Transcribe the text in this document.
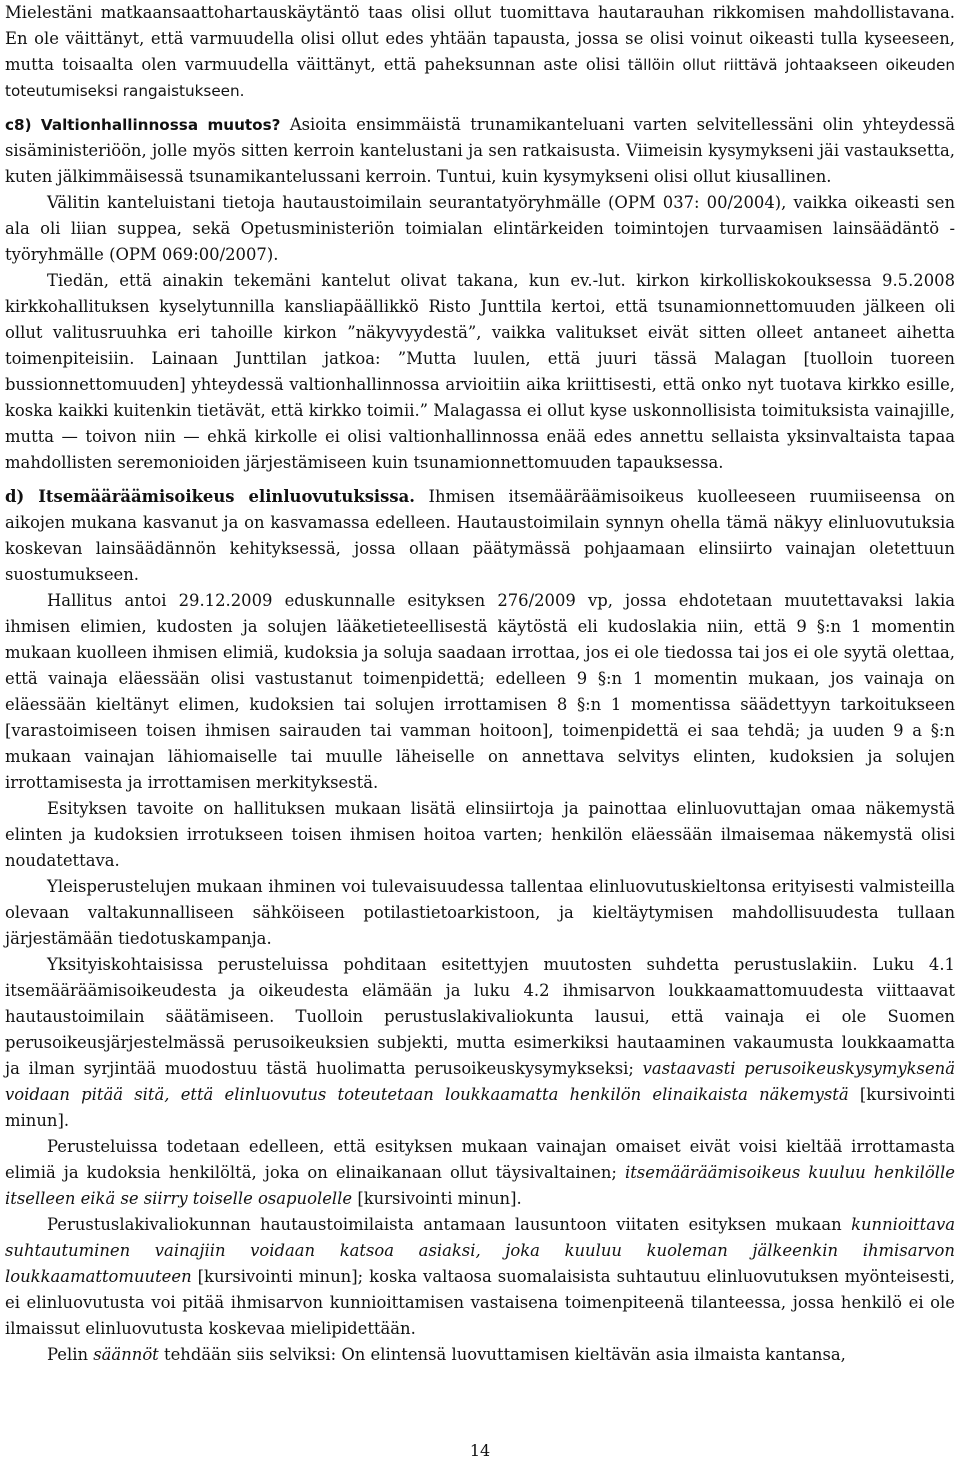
Mielestäni matkaansaattohartauskäytäntö taas olisi ollut tuomittava hautarauhan rikkomisen mahdollistavana. En ole väittänyt, että varmuudella olisi ollut edes yhtään tapausta, jossa se olisi voinut oikeasti tulla kyseeseen, mutta toisaalta olen varmuudella väittänyt, että paheksunnan aste olisi tällöin ollut riittävä johtaakseen oikeuden toteutumiseksi rangaistukseen.

c8) Valtionhallinnossa muutos? Asioita ensimmäistä trunamikanteluani varten selvitellessäni olin yhteydessä sisäministeriöön, jolle myös sitten kerroin kantelustani ja sen ratkaisusta. Viimeisin kysymykseni jäi vastauksetta, kuten jälkimmäisessä tsunamikantelussani kerroin. Tuntui, kuin kysymykseni olisi ollut kiusallinen.

Välitin kanteluistani tietoja hautaustoimilain seurantatyöryhmälle (OPM 037: 00/2004), vaikka oikeasti sen ala oli liian suppea, sekä Opetusministeriön toimialan elintärkeiden toimintojen turvaamisen lainsäädäntö -työryhmälle (OPM 069:00/2007).

Tiedän, että ainakin tekemäni kantelut olivat takana, kun ev.-lut. kirkon kirkolliskokouksessa 9.5.2008 kirkkohallituksen kyselytunnilla kansliapäällikkö Risto Junttila kertoi, että tsunamionnettomuuden jälkeen oli ollut valitusruuhka eri tahoille kirkon ”näkyvyydestä”, vaikka valitukset eivät sitten olleet antaneet aihetta toimenpiteisiin. Lainaan Junttilan jatkoa: ”Mutta luulen, että juuri tässä Malagan [tuolloin tuoreen bussionnettomuuden] yhteydessä valtionhallinnossa arvioitiin aika kriittisesti, että onko nyt tuotava kirkko esille, koska kaikki kuitenkin tietävät, että kirkko toimii.” Malagassa ei ollut kyse uskonnollisista toimituksista vainajille, mutta — toivon niin — ehkä kirkolle ei olisi valtionhallinnossa enää edes annettu sellaista yksinvaltaista tapaa mahdollisten seremonioiden järjestämiseen kuin tsunamionnettomuuden tapauksessa.

d) Itsemääräämisoikeus elinluovutuksissa. Ihmisen itsemääräämisoikeus kuolleeseen ruumiiseensa on aikojen mukana kasvanut ja on kasvamassa edelleen. Hautaustoimilain synnyn ohella tämä näkyy elinluovutuksia koskevan lainsäädännön kehityksessä, jossa ollaan päätymässä pohjaamaan elinsiirto vainajan oletettuun suostumukseen.

Hallitus antoi 29.12.2009 eduskunnalle esityksen 276/2009 vp, jossa ehdotetaan muutettavaksi lakia ihmisen elimien, kudosten ja solujen lääketieteellisestä käytöstä eli kudoslakia niin, että 9 §:n 1 momentin mukaan kuolleen ihmisen elimiä, kudoksia ja soluja saadaan irrottaa, jos ei ole tiedossa tai jos ei ole syytä olettaa, että vainaja eläessään olisi vastustanut toimenpidettä; edelleen 9 §:n 1 momentin mukaan, jos vainaja on eläessään kieltänyt elimen, kudoksien tai solujen irrottamisen 8 §:n 1 momentissa säädettyyn tarkoitukseen [varastoimiseen toisen ihmisen sairauden tai vamman hoitoon], toimenpidettä ei saa tehdä; ja uuden 9 a §:n mukaan vainajan lähiomaiselle tai muulle läheiselle on annettava selvitys elinten, kudoksien ja solujen irrottamisesta ja irrottamisen merkityksestä.

Esityksen tavoite on hallituksen mukaan lisätä elinsiirtoja ja painottaa elinluovuttajan omaa näkemystä elinten ja kudoksien irrotukseen toisen ihmisen hoitoa varten; henkilön eläessään ilmaisemaa näkemystä olisi noudatettava.

Yleisperustelujen mukaan ihminen voi tulevaisuudessa tallentaa elinluovutuskieltonsa erityisesti valmisteilla olevaan valtakunnalliseen sähköiseen potilastietoarkistoon, ja kieltäytymisen mahdollisuudesta tullaan järjestämään tiedotuskampanja.

Yksityiskohtaisissa perusteluissa pohditaan esitettyjen muutosten suhdetta perustuslakiin. Luku 4.1 itsemääräämisoikeudesta ja oikeudesta elämään ja luku 4.2 ihmisarvon loukkaamattomuudesta viittaavat hautaustoimilain säätämiseen. Tuolloin perustuslakivaliokunta lausui, että vainaja ei ole Suomen perusoikeusjärjestelmässä perusoikeuksien subjekti, mutta esimerkiksi hautaaminen vakaumusta loukkaamatta ja ilman syrjintää muodostuu tästä huolimatta perusoikeuskysymykseksi; vastaavasti perusoikeuskysymyksenä voidaan pitää sitä, että elinluovutus toteutetaan loukkaamatta henkilön elinaikaista näkemystä [kursivointi minun].

Perusteluissa todetaan edelleen, että esityksen mukaan vainajan omaiset eivät voisi kieltää irrottamasta elimiä ja kudoksia henkilöltä, joka on elinaikanaan ollut täysivaltainen; itsemääräämisoikeus kuuluu henkilölle itselleen eikä se siirry toiselle osapuolelle [kursivointi minun].

Perustuslakivaliokunnan hautaustoimilaista antamaan lausuntoon viitaten esityksen mukaan kunnioittava suhtautuminen vainajiin voidaan katsoa asiaksi, joka kuuluu kuoleman jälkeenkin ihmisarvon loukkaamattomuuteen [kursivointi minun]; koska valtaosa suomalaisista suhtautuu elinluovutuksen myönteisesti, ei elinluovutusta voi pitää ihmisarvon kunnioittamisen vastaisena toimenpiteenä tilanteessa, jossa henkilö ei ole ilmaissut elinluovutusta koskevaa mielipidettään.

Pelin säännöt tehdään siis selviksi: On elintensä luovuttamisen kieltävän asia ilmaista kantansa,

14
